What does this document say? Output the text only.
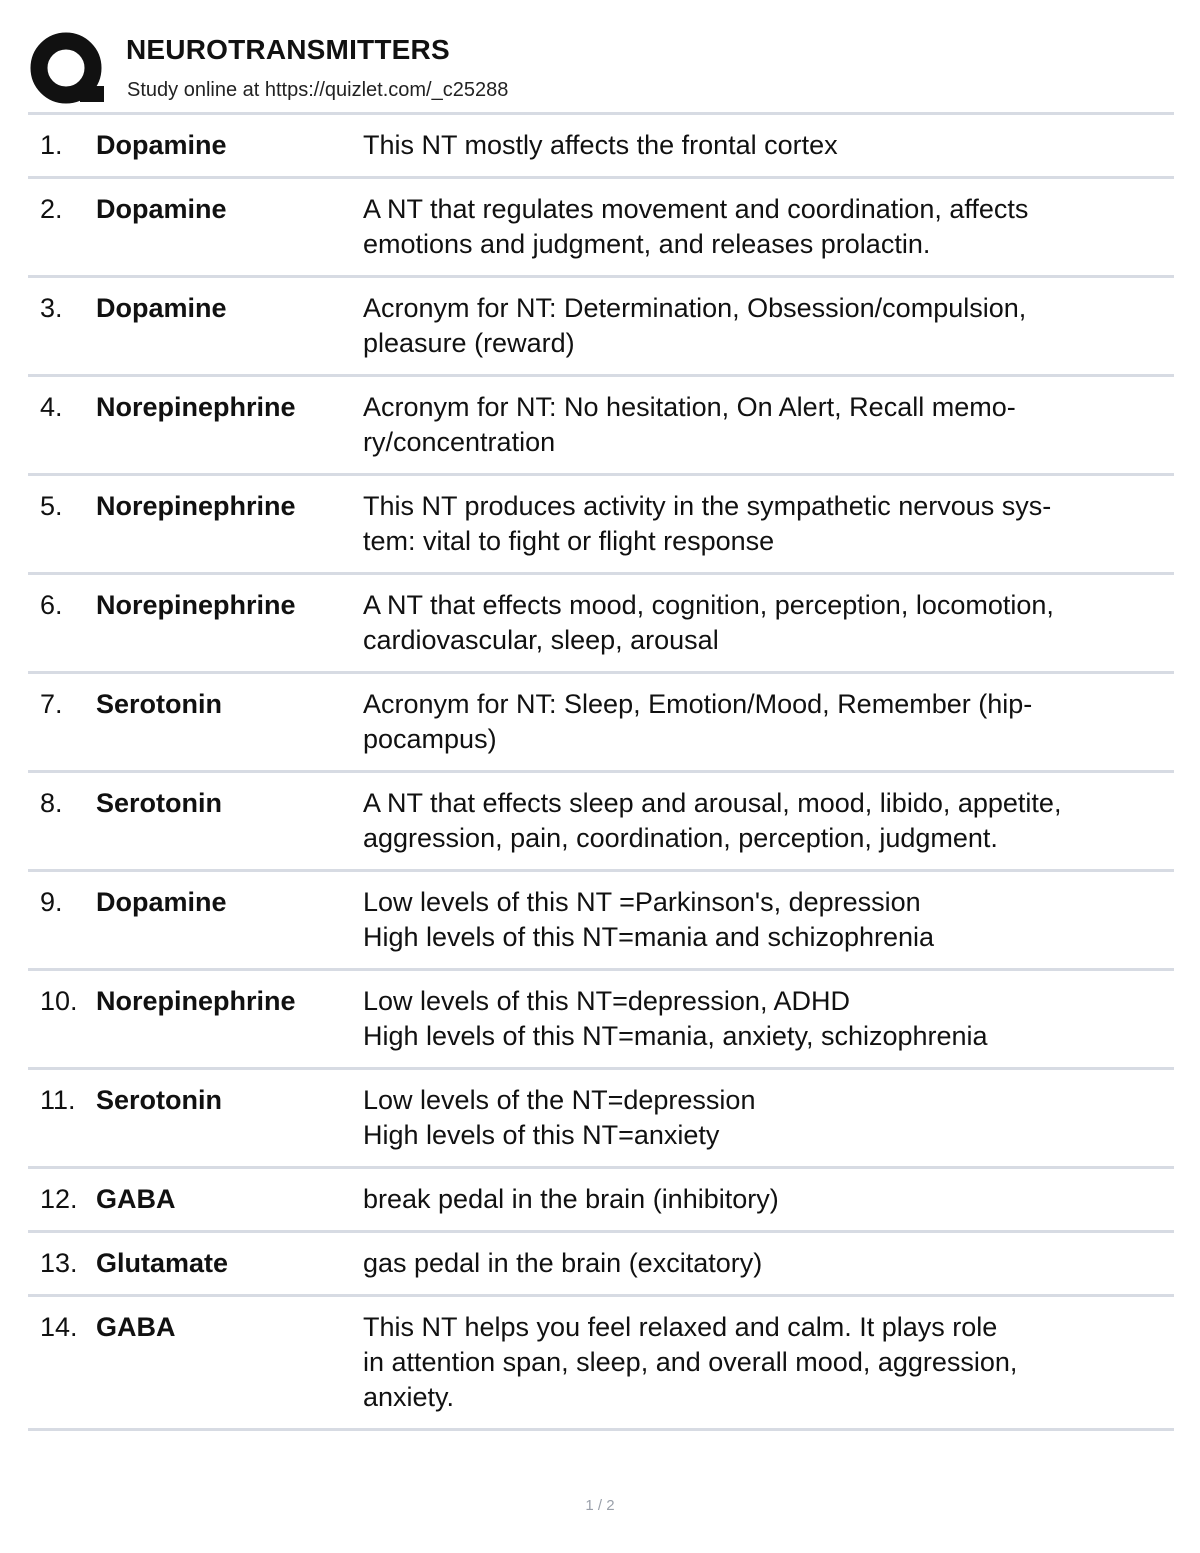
NEUROTRANSMITTERS
Study online at https://quizlet.com/_c25288
1.	Dopamine	This NT mostly affects the frontal cortex
2.	Dopamine	A NT that regulates movement and coordination, affects
emotions and judgment, and releases prolactin.
3.	Dopamine	Acronym for NT: Determination, Obsession/compulsion,
pleasure (reward)
4.	Norepinephrine	Acronym for NT: No hesitation, On Alert, Recall memo-
ry/concentration
5.	Norepinephrine	This NT produces activity in the sympathetic nervous sys-
tem: vital to fight or flight response
6.	Norepinephrine	A NT that effects mood, cognition, perception, locomotion,
cardiovascular, sleep, arousal
7.	Serotonin	Acronym for NT: Sleep, Emotion/Mood, Remember (hip-
pocampus)
8.	Serotonin	A NT that effects sleep and arousal, mood, libido, appetite,
aggression, pain, coordination, perception, judgment.
9.	Dopamine	Low levels of this NT =Parkinson's, depression
High levels of this NT=mania and schizophrenia
10. Norepinephrine	Low levels of this NT=depression, ADHD
High levels of this NT=mania, anxiety, schizophrenia
11. Serotonin	Low levels of the NT=depression
High levels of this NT=anxiety
12. GABA	break pedal in the brain (inhibitory)
13. Glutamate	gas pedal in the brain (excitatory)
14. GABA	This NT helps you feel relaxed and calm. It plays role
in attention span, sleep, and overall mood, aggression,
anxiety.
1 / 2
